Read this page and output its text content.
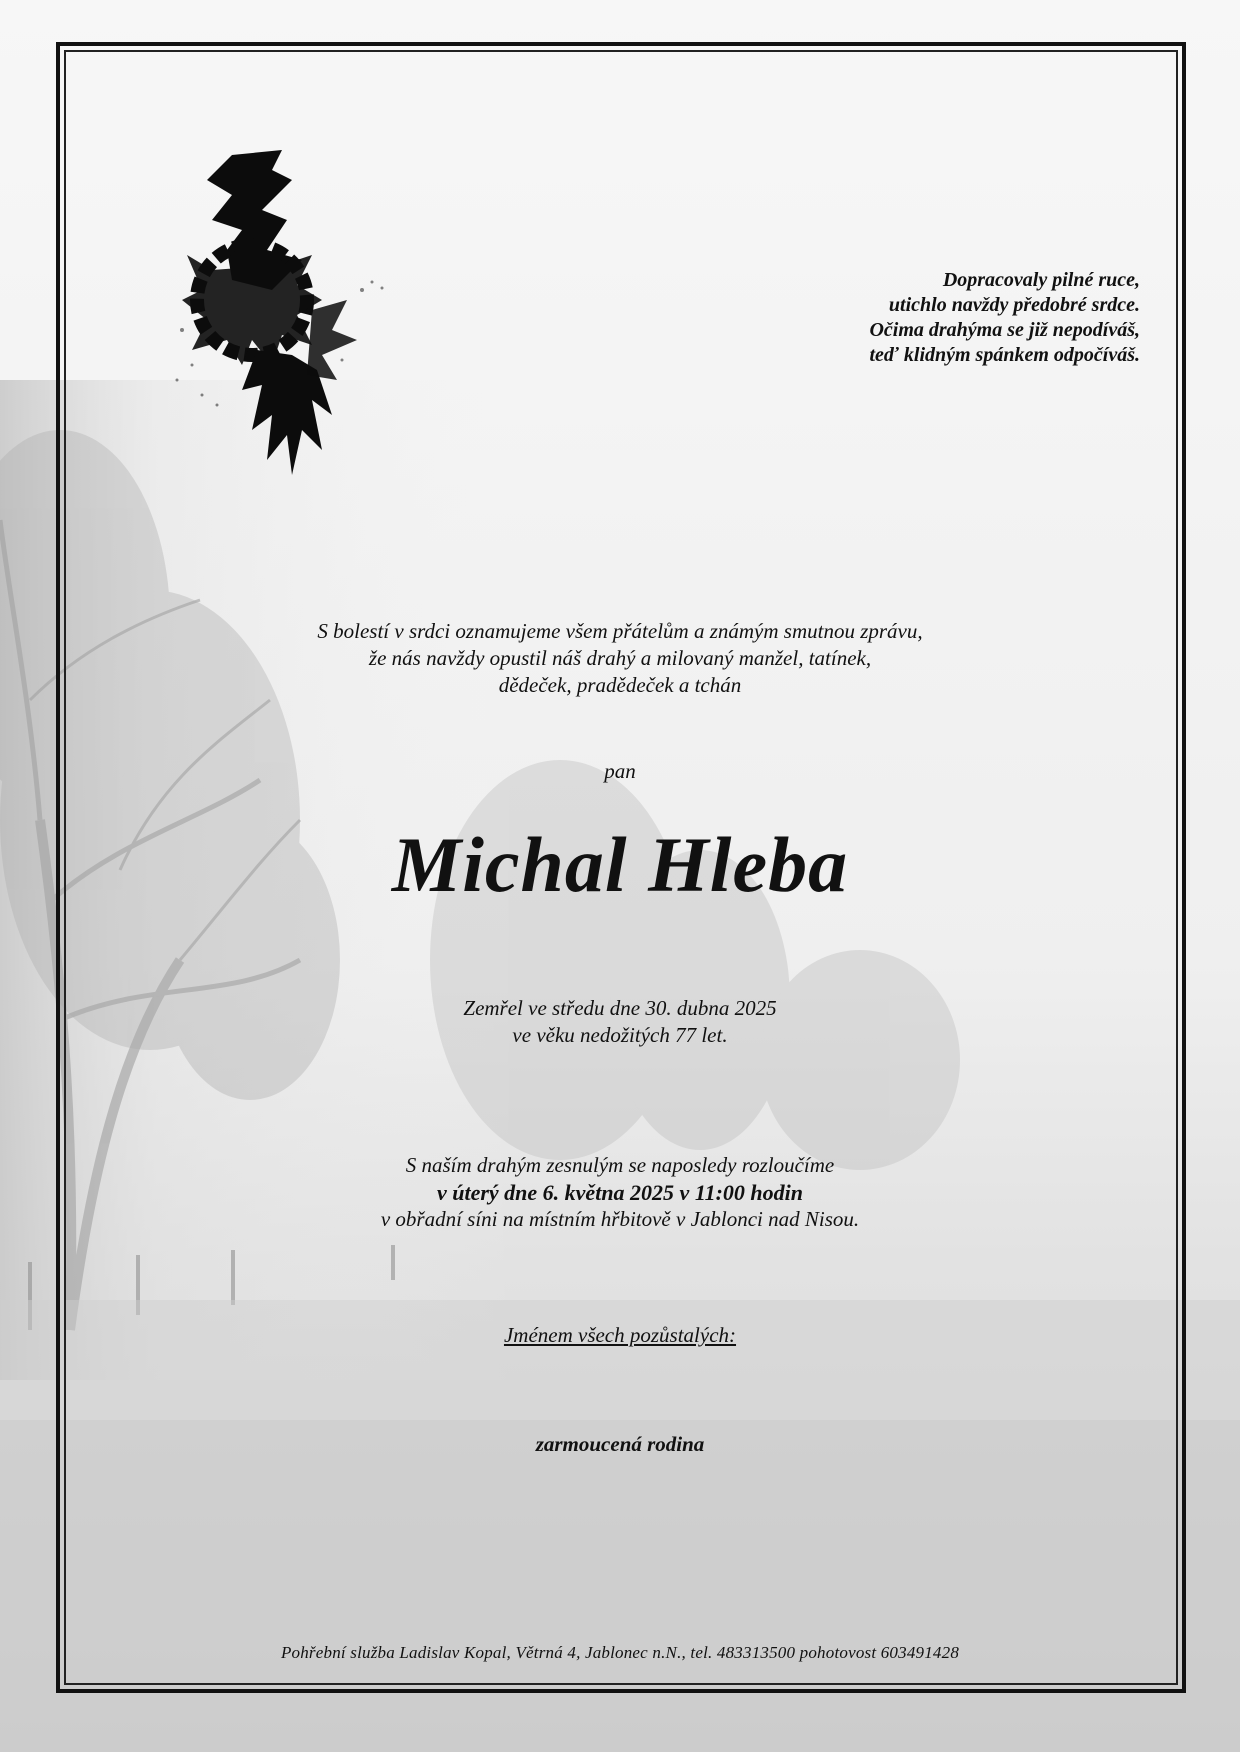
Dopracovaly pilné ruce,
utichlo navždy předobré srdce.
Očima drahýma se již nepodíváš,
teď klidným spánkem odpočíváš.
S bolestí v srdci oznamujeme všem přátelům a známým smutnou zprávu,
že nás navždy opustil náš drahý a milovaný manžel, tatínek,
dědeček, pradědeček a tchán
pan
Michal Hleba
Zemřel ve středu dne 30. dubna 2025
ve věku nedožitých 77 let.
S naším drahým zesnulým se naposledy rozloučíme
v úterý dne 6. května 2025 v 11:00 hodin
v obřadní síni na místním hřbitově v Jablonci nad Nisou.
Jménem všech pozůstalých:
zarmoucená rodina
Pohřební služba Ladislav Kopal, Větrná 4, Jablonec n.N., tel. 483313500 pohotovost 603491428
